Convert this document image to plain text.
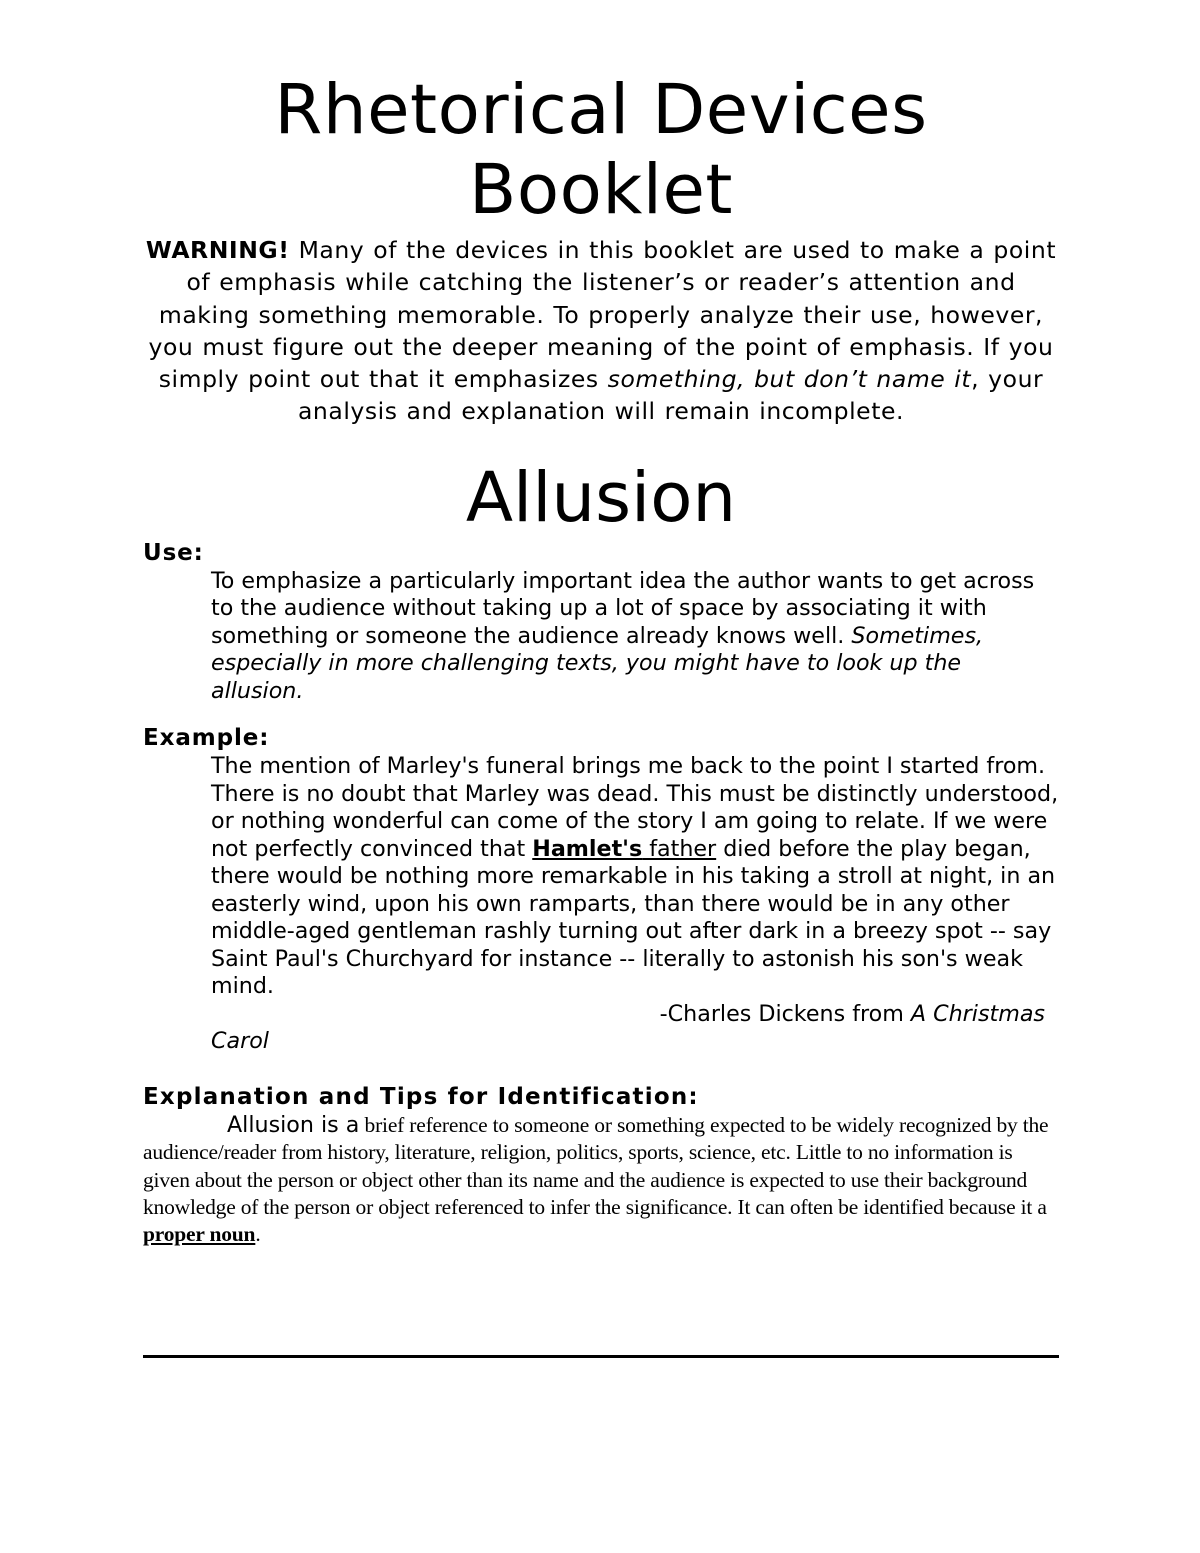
Rhetorical Devices
Booklet

WARNING! Many of the devices in this booklet are used to make a point of emphasis while catching the listener’s or reader’s attention and making something memorable. To properly analyze their use, however, you must figure out the deeper meaning of the point of emphasis. If you simply point out that it emphasizes something, but don’t name it, your analysis and explanation will remain incomplete.

Allusion

Use:

To emphasize a particularly important idea the author wants to get across to the audience without taking up a lot of space by associating it with something or someone the audience already knows well. Sometimes, especially in more challenging texts, you might have to look up the allusion.

Example:

The mention of Marley's funeral brings me back to the point I started from. There is no doubt that Marley was dead. This must be distinctly understood, or nothing wonderful can come of the story I am going to relate. If we were not perfectly convinced that Hamlet's father died before the play began, there would be nothing more remarkable in his taking a stroll at night, in an easterly wind, upon his own ramparts, than there would be in any other middle-aged gentleman rashly turning out after dark in a breezy spot -- say Saint Paul's Churchyard for instance -- literally to astonish his son's weak mind.
-Charles Dickens from A Christmas
Carol

Explanation and Tips for Identification:

Allusion is a brief reference to someone or something expected to be widely recognized by the audience/reader from history, literature, religion, politics, sports, science, etc. Little to no information is given about the person or object other than its name and the audience is expected to use their background knowledge of the person or object referenced to infer the significance. It can often be identified because it a proper noun.
